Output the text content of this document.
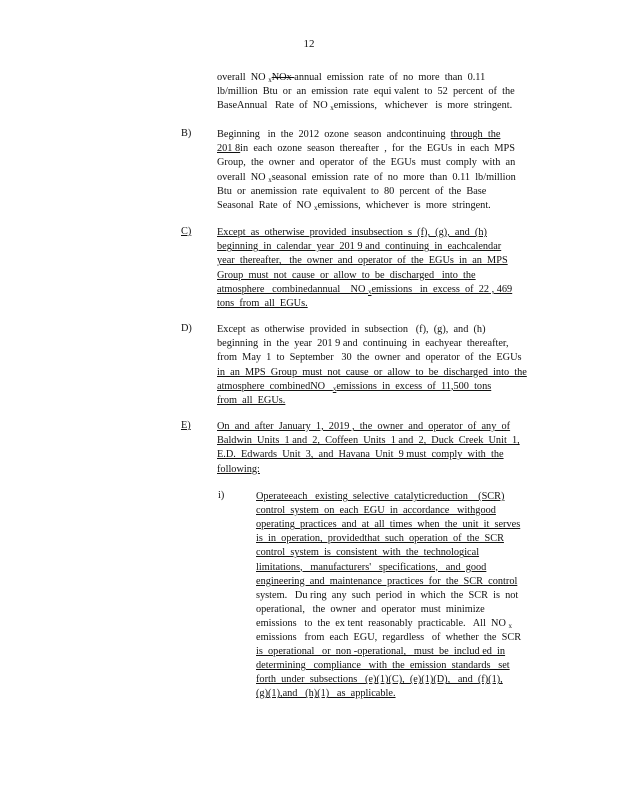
12
overall  NO $_x$NOx annual  emission  rate  of  no  more  than  0.11
lb/million  Btu  or  an  emission  rate  equi valent  to  52  percent  of  the
BaseAnnual   Rate  of  NO $_x$emissions,   whichever   is  more  stringent.
B) Beginning   in  the  2012  ozone  season  andcontinuing  through  the
201 8in  each  ozone  season  thereafter  ,  for  the  EGUs  in  each  MPS
Group,  the  owner  and  operator  of  the  EGUs  must  comply  with  an
overall  NO $_x$seasonal  emission  rate  of  no  more  than  0.11  lb/million
Btu  or  anemission  rate  equivalent  to  80  percent  of  the  Base
Seasonal  Rate  of  NO $_x$emissions,  whichever  is  more  stringent.
C) Except  as  otherwise  provided  insubsection  s  (f),  (g),  and  (h)
beginning  in  calendar  year  201 9 and  continuing  in  eachcalendar
year  thereafter,   the  owner  and  operator  of  the  EGUs  in  an  MPS
Group  must  not  cause  or  allow  to  be  discharged   into  the
atmosphere   combinedannual    NO $_x$emissions   in  excess  of  22 , 469
tons  from  all  EGUs.
D) Except  as  otherwise  provided  in  subsection   (f),  (g),  and  (h)
beginning  in  the  year  201 9 and  continuing  in  eachyear  thereafter,
from  May  1  to  September   30  the  owner  and  operator  of  the  EGUs
in  an  MPS  Group  must  not  cause  or  allow  to  be  discharged  into  the
atmosphere  combinedNO   $_x$emissions  in  excess  of  11,500  tons
from  all  EGUs.
E)	On  and  after  January  1,  2019 ,  the  owner  and  operator  of  any  of
Baldwin  Units  1 and  2,  Coffeen  Units  1 and  2,  Duck  Creek  Unit  1,
E.D.  Edwards  Unit  3,  and  Havana  Unit  9 must  comply  with  the
following:
i)	Operateeach   existing  selective  catalyticreduction    (SCR)
control  system  on  each  EGU  in  accordance   withgood
operating  practices  and  at  all  times  when  the  unit  it  serves
is  in  operation,  providedthat  such  operation  of  the  SCR
control  system  is  consistent  with  the  technological
limitations,   manufacturers'   specifications,   and  good
engineering  and  maintenance  practices  for  the  SCR  control
system.   Du ring  any  such  period  in  which  the  SCR  is  not
operational,   the  owner  and  operator  must  minimize
emissions   to  the  ex tent  reasonably  practicable.   All  NO $_x$
emissions   from  each  EGU,  regardless   of  whether  the  SCR
is  operational   or  non -operational,   must  be  includ ed  in
determining   compliance   with  the  emission  standards   set
forth  under  subsections   (e)(1)(C),  (e)(1)(D),   and  (f)(1),
(g)(1),and   (h)(1)   as  applicable.
